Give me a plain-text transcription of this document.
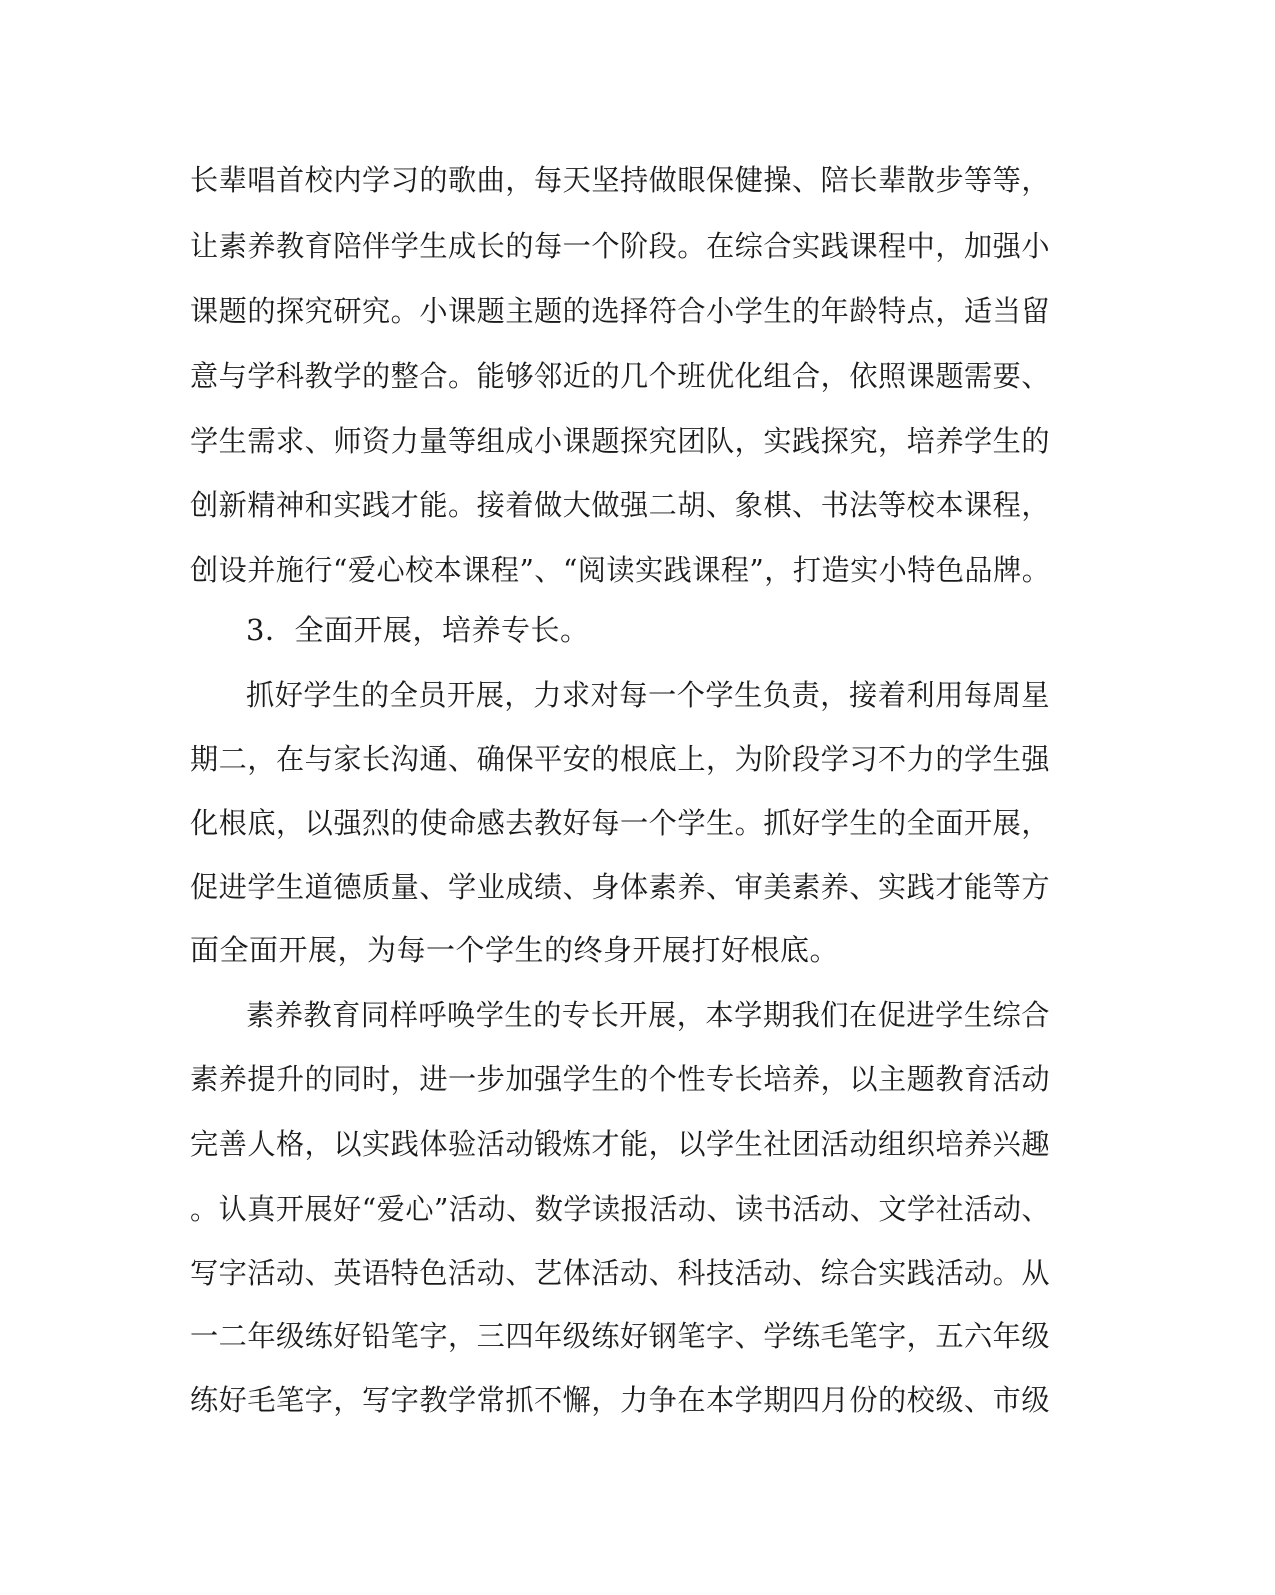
长辈唱首校内学习的歌曲，每天坚持做眼保健操、陪长辈散步等等，
让素养教育陪伴学生成长的每一个阶段。在综合实践课程中，加强小
课题的探究研究。小课题主题的选择符合小学生的年龄特点，适当留
意与学科教学的整合。能够邻近的几个班优化组合，依照课题需要、
学生需求、师资力量等组成小课题探究团队，实践探究，培养学生的
创新精神和实践才能。接着做大做强二胡、象棋、书法等校本课程，
创设并施行“爱心校本课程”、“阅读实践课程”，打造实小特色品牌。
3．全面开展，培养专长。
抓好学生的全员开展，力求对每一个学生负责，接着利用每周星
期二，在与家长沟通、确保平安的根底上，为阶段学习不力的学生强
化根底，以强烈的使命感去教好每一个学生。抓好学生的全面开展，
促进学生道德质量、学业成绩、身体素养、审美素养、实践才能等方
面全面开展，为每一个学生的终身开展打好根底。
素养教育同样呼唤学生的专长开展，本学期我们在促进学生综合
素养提升的同时，进一步加强学生的个性专长培养，以主题教育活动
完善人格，以实践体验活动锻炼才能，以学生社团活动组织培养兴趣
。认真开展好“爱心”活动、数学读报活动、读书活动、文学社活动、
写字活动、英语特色活动、艺体活动、科技活动、综合实践活动。从
一二年级练好铅笔字，三四年级练好钢笔字、学练毛笔字，五六年级
练好毛笔字，写字教学常抓不懈，力争在本学期四月份的校级、市级
